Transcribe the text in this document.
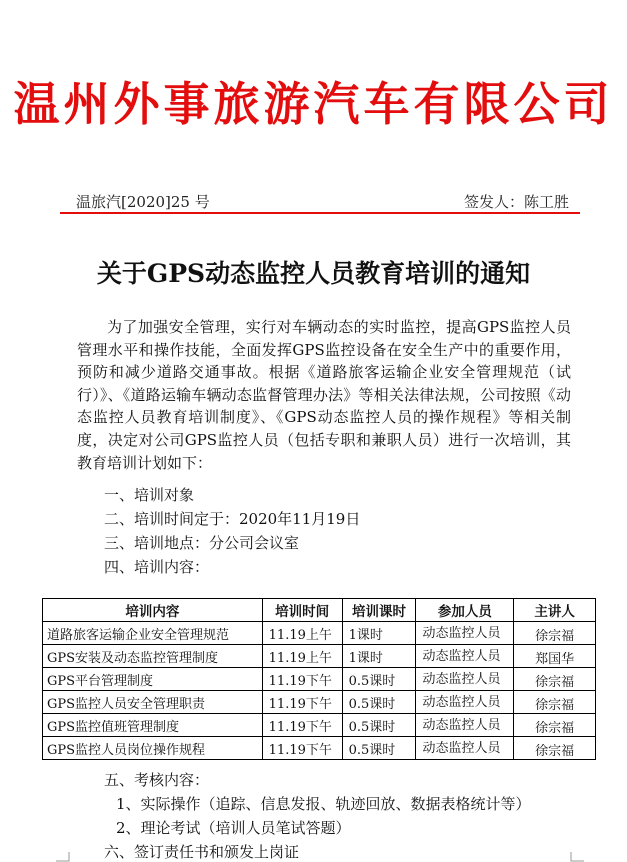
温州外事旅游汽车有限公司
温旅汽[2020]25 号	签发人：陈工胜
关于GPS动态监控人员教育培训的通知

为了加强安全管理，实行对车辆动态的实时监控，提高GPS监控人员管理水平和操作技能，全面发挥GPS监控设备在安全生产中的重要作用，预防和减少道路交通事故。根据《道路旅客运输企业安全管理规范（试行）》、《道路运输车辆动态监督管理办法》等相关法律法规，公司按照《动态监控人员教育培训制度》、《GPS动态监控人员的操作规程》等相关制度，决定对公司GPS监控人员（包括专职和兼职人员）进行一次培训，其教育培训计划如下：

一、培训对象
二、培训时间定于：2020年11月19日
三、培训地点：分公司会议室
四、培训内容：
培训内容	培训时间	培训课时	参加人员	主讲人
道路旅客运输企业安全管理规范	11.19上午	1课时	动态监控人员	徐宗福
GPS安装及动态监控管理制度	11.19上午	1课时	动态监控人员	郑国华
GPS平台管理制度	11.19下午	0.5课时	动态监控人员	徐宗福
GPS监控人员安全管理职责	11.19下午	0.5课时	动态监控人员	徐宗福
GPS监控值班管理制度	11.19下午	0.5课时	动态监控人员	徐宗福
GPS监控人员岗位操作规程	11.19下午	0.5课时	动态监控人员	徐宗福
五、考核内容：
1、实际操作（追踪、信息发报、轨迹回放、数据表格统计等）
2、理论考试（培训人员笔试答题）
六、签订责任书和颁发上岗证
